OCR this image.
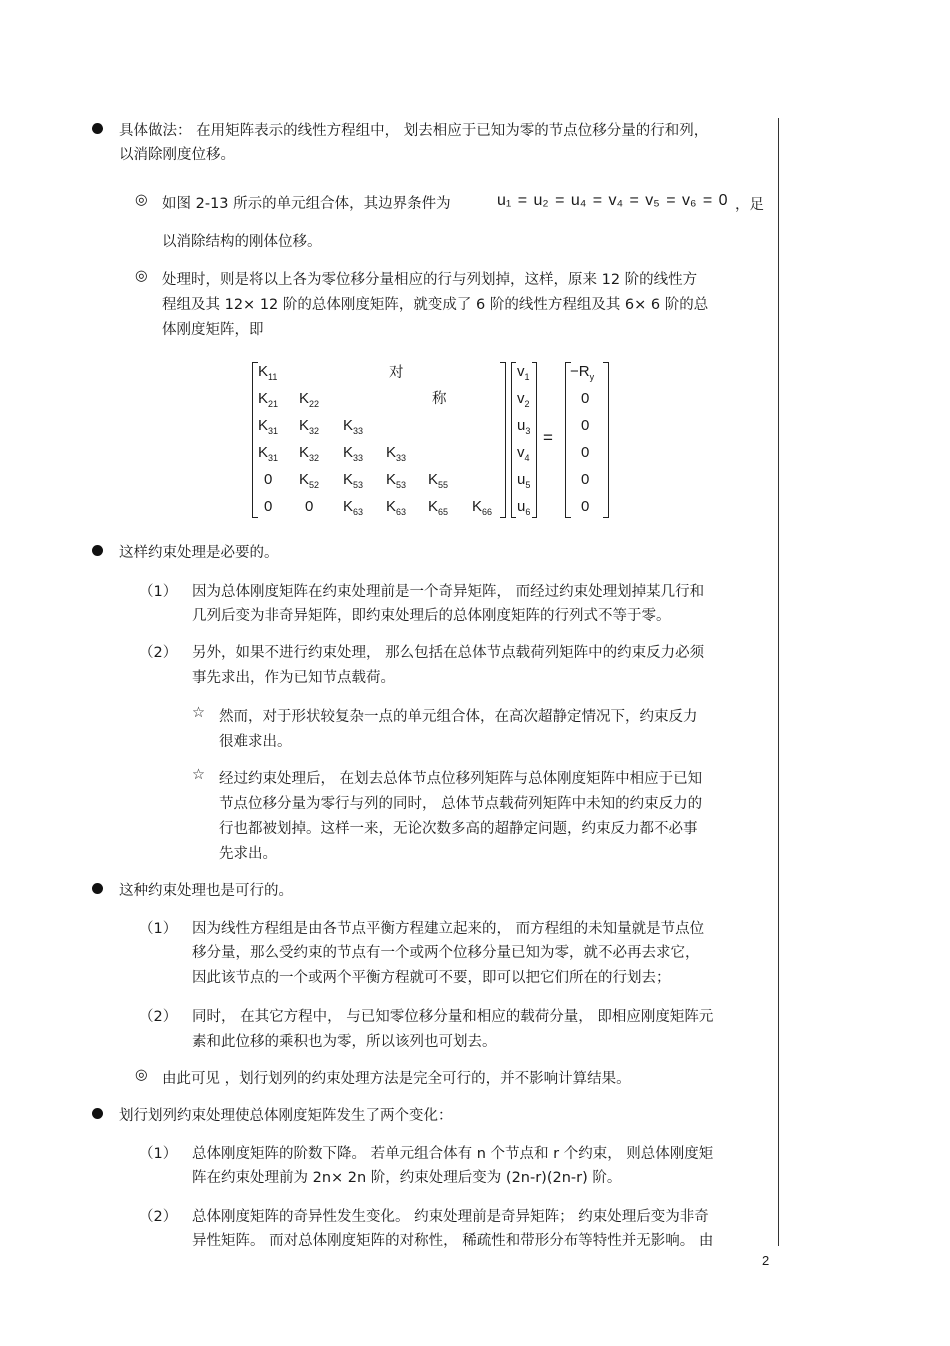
具体做法： 在用矩阵表示的线性方程组中， 划去相应于已知为零的节点位移分量的行和列，
以消除刚度位移。
◎ 如图 2-13 所示的单元组合体，其边界条件为	u₁ = u₂ = u₄ = v₄ = v₅ = v₆ = 0 ，足
以消除结构的刚体位移。
◎ 处理时，则是将以上各为零位移分量相应的行与列划掉，这样，原来 12 阶的线性方
程组及其 12× 12 阶的总体刚度矩阵，就变成了 6 阶的线性方程组及其 6× 6 阶的总
体刚度矩阵，即
对
称
$K_{11}$
$K_{21}$ $K_{22}$
$K_{31}$ $K_{32}$ $K_{33}$
$K_{31}$ $K_{32}$ $K_{33}$ $K_{33}$
0 $K_{52}$ $K_{53}$ $K_{53}$ $K_{55}$
0 0 $K_{63}$ $K_{63}$ $K_{65}$ $K_{66}$
$v_1$
$v_2$
$u_3$
$v_4$
$u_5$
$u_6$
=
$-R_y$
0
0
0
0
0
这样约束处理是必要的。
（1） 因为总体刚度矩阵在约束处理前是一个奇异矩阵， 而经过约束处理划掉某几行和
几列后变为非奇异矩阵，即约束处理后的总体刚度矩阵的行列式不等于零。
（2） 另外，如果不进行约束处理， 那么包括在总体节点载荷列矩阵中的约束反力必须
事先求出，作为已知节点载荷。
☆ 然而，对于形状较复杂一点的单元组合体，在高次超静定情况下，约束反力
很难求出。
☆ 经过约束处理后， 在划去总体节点位移列矩阵与总体刚度矩阵中相应于已知
节点位移分量为零行与列的同时， 总体节点载荷列矩阵中未知的约束反力的
行也都被划掉。这样一来，无论次数多高的超静定问题，约束反力都不必事
先求出。
这种约束处理也是可行的。
（1） 因为线性方程组是由各节点平衡方程建立起来的， 而方程组的未知量就是节点位
移分量，那么受约束的节点有一个或两个位移分量已知为零，就不必再去求它，
因此该节点的一个或两个平衡方程就可不要，即可以把它们所在的行划去；
（2） 同时， 在其它方程中， 与已知零位移分量和相应的载荷分量， 即相应刚度矩阵元
素和此位移的乘积也为零，所以该列也可划去。
◎ 由此可见 ，划行划列的约束处理方法是完全可行的，并不影响计算结果。
划行划列约束处理使总体刚度矩阵发生了两个变化：
（1） 总体刚度矩阵的阶数下降。 若单元组合体有 n 个节点和 r 个约束， 则总体刚度矩
阵在约束处理前为 2n× 2n 阶，约束处理后变为 (2n-r)(2n-r) 阶。
（2） 总体刚度矩阵的奇异性发生变化。 约束处理前是奇异矩阵； 约束处理后变为非奇
异性矩阵。 而对总体刚度矩阵的对称性， 稀疏性和带形分布等特性并无影响。 由
2
